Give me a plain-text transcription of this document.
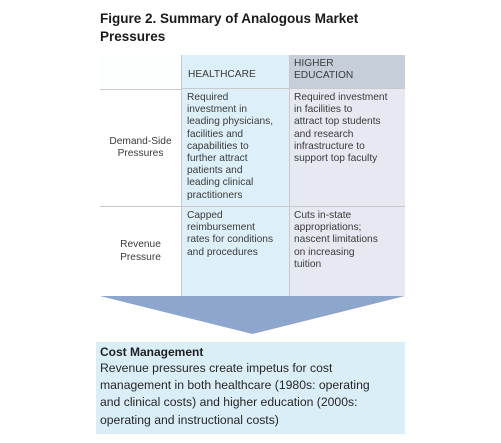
Figure 2. Summary of Analogous Market
Pressures
HEALTHCARE
HIGHER
EDUCATION
Demand-Side
Pressures
Required
investment in
leading physicians,
facilities and
capabilities to
further attract
patients and
leading clinical
practitioners
Required investment
in facilities to
attract top students
and research
infrastructure to
support top faculty
Revenue
Pressure
Capped
reimbursement
rates for conditions
and procedures
Cuts in-state
appropriations;
nascent limitations
on increasing
tuition
Cost Management
Revenue pressures create impetus for cost
management in both healthcare (1980s: operating
and clinical costs) and higher education (2000s:
operating and instructional costs)
